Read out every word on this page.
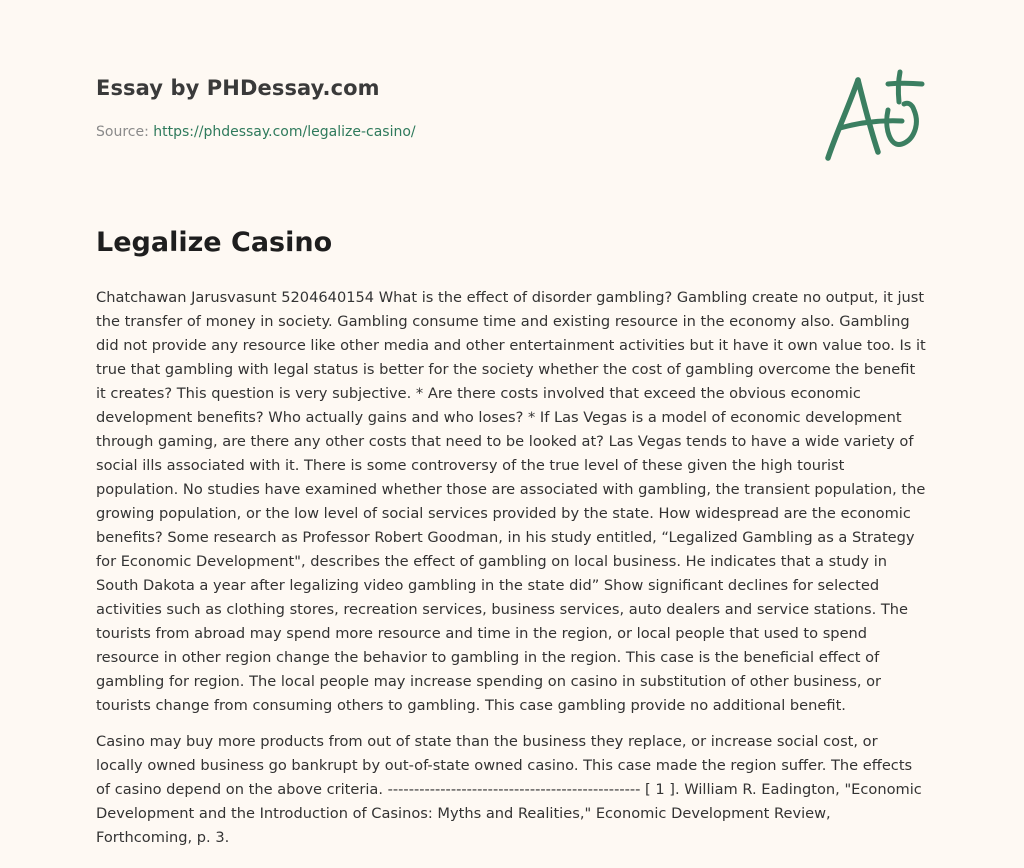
Essay by PHDessay.com
Source: https://phdessay.com/legalize-casino/
Legalize Casino

Chatchawan Jarusvasunt 5204640154 What is the effect of disorder gambling? Gambling create no output, it just the transfer of money in society. Gambling consume time and existing resource in the economy also. Gambling did not provide any resource like other media and other entertainment activities but it have it own value too. Is it true that gambling with legal status is better for the society whether the cost of gambling overcome the benefit it creates? This question is very subjective. * Are there costs involved that exceed the obvious economic development benefits? Who actually gains and who loses? * If Las Vegas is a model of economic development through gaming, are there any other costs that need to be looked at? Las Vegas tends to have a wide variety of social ills associated with it. There is some controversy of the true level of these given the high tourist population. No studies have examined whether those are associated with gambling, the transient population, the growing population, or the low level of social services provided by the state. How widespread are the economic benefits? Some research as Professor Robert Goodman, in his study entitled, “Legalized Gambling as a Strategy for Economic Development", describes the effect of gambling on local business. He indicates that a study in South Dakota a year after legalizing video gambling in the state did” Show significant declines for selected activities such as clothing stores, recreation services, business services, auto dealers and service stations. The tourists from abroad may spend more resource and time in the region, or local people that used to spend resource in other region change the behavior to gambling in the region. This case is the beneficial effect of gambling for region. The local people may increase spending on casino in substitution of other business, or tourists change from consuming others to gambling. This case gambling provide no additional benefit.

Casino may buy more products from out of state than the business they replace, or increase social cost, or locally owned business go bankrupt by out-of-state owned casino. This case made the region suffer. The effects of casino depend on the above criteria. ------------------------------------------------ [ 1 ]. William R. Eadington, "Economic Development and the Introduction of Casinos: Myths and Realities," Economic Development Review, Forthcoming, p. 3.
